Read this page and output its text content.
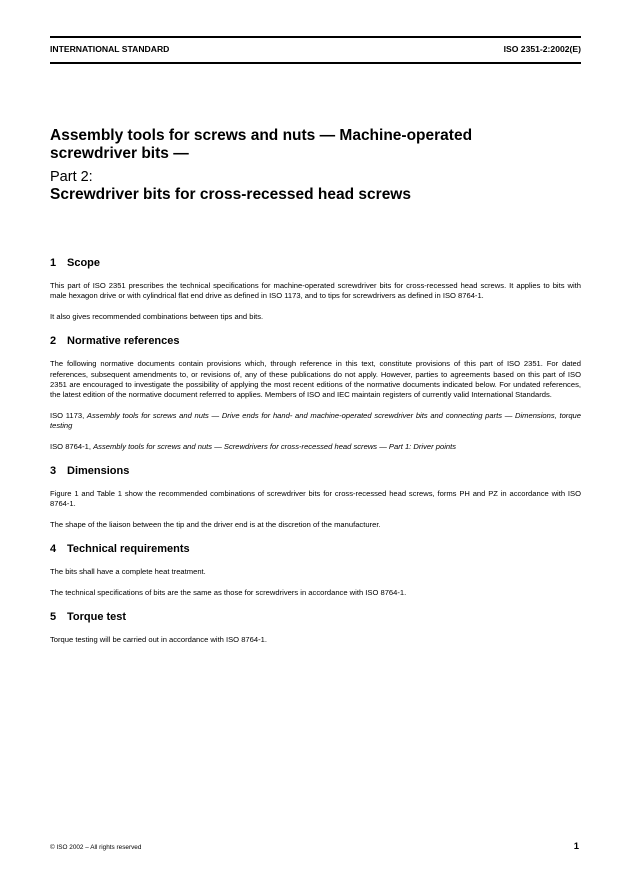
INTERNATIONAL STANDARD	ISO 2351-2:2002(E)
Assembly tools for screws and nuts — Machine-operated
screwdriver bits —
Part 2:
Screwdriver bits for cross-recessed head screws
1 Scope

This part of ISO 2351 prescribes the technical specifications for machine-operated screwdriver bits for cross-recessed head screws. It applies to bits with male hexagon drive or with cylindrical flat end drive as defined in ISO 1173, and to tips for screwdrivers as defined in ISO 8764-1.

It also gives recommended combinations between tips and bits.

2 Normative references

The following normative documents contain provisions which, through reference in this text, constitute provisions of this part of ISO 2351. For dated references, subsequent amendments to, or revisions of, any of these publications do not apply. However, parties to agreements based on this part of ISO 2351 are encouraged to investigate the possibility of applying the most recent editions of the normative documents indicated below. For undated references, the latest edition of the normative document referred to applies. Members of ISO and IEC maintain registers of currently valid International Standards.

ISO 1173, Assembly tools for screws and nuts — Drive ends for hand- and machine-operated screwdriver bits and connecting parts — Dimensions, torque testing

ISO 8764-1, Assembly tools for screws and nuts — Screwdrivers for cross-recessed head screws — Part 1: Driver points

3 Dimensions

Figure 1 and Table 1 show the recommended combinations of screwdriver bits for cross-recessed head screws, forms PH and PZ in accordance with ISO 8764-1.

The shape of the liaison between the tip and the driver end is at the discretion of the manufacturer.

4 Technical requirements

The bits shall have a complete heat treatment.

The technical specifications of bits are the same as those for screwdrivers in accordance with ISO 8764-1.

5 Torque test

Torque testing will be carried out in accordance with ISO 8764-1.

© ISO 2002 – All rights reserved	1
